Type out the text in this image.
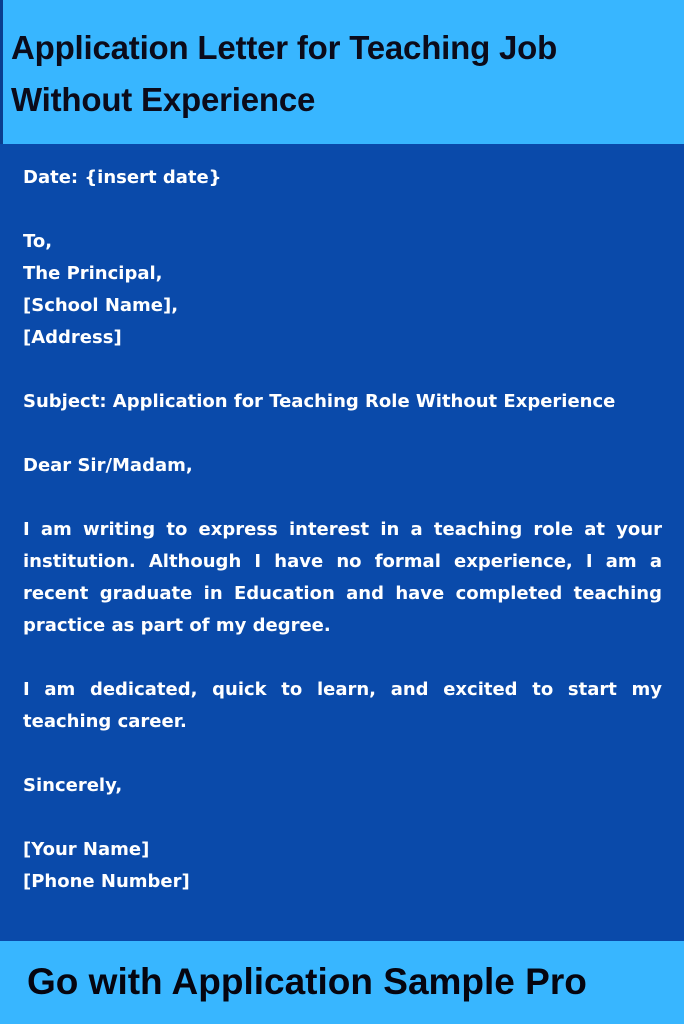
Application Letter for Teaching Job Without Experience

Date: {insert date}

To,
The Principal,
[School Name],
[Address]

Subject: Application for Teaching Role Without Experience

Dear Sir/Madam,

I am writing to express interest in a teaching role at your institution. Although I have no formal experience, I am a recent graduate in Education and have completed teaching practice as part of my degree.

I am dedicated, quick to learn, and excited to start my teaching career.

Sincerely,

[Your Name]
[Phone Number]

Go with Application Sample Pro
